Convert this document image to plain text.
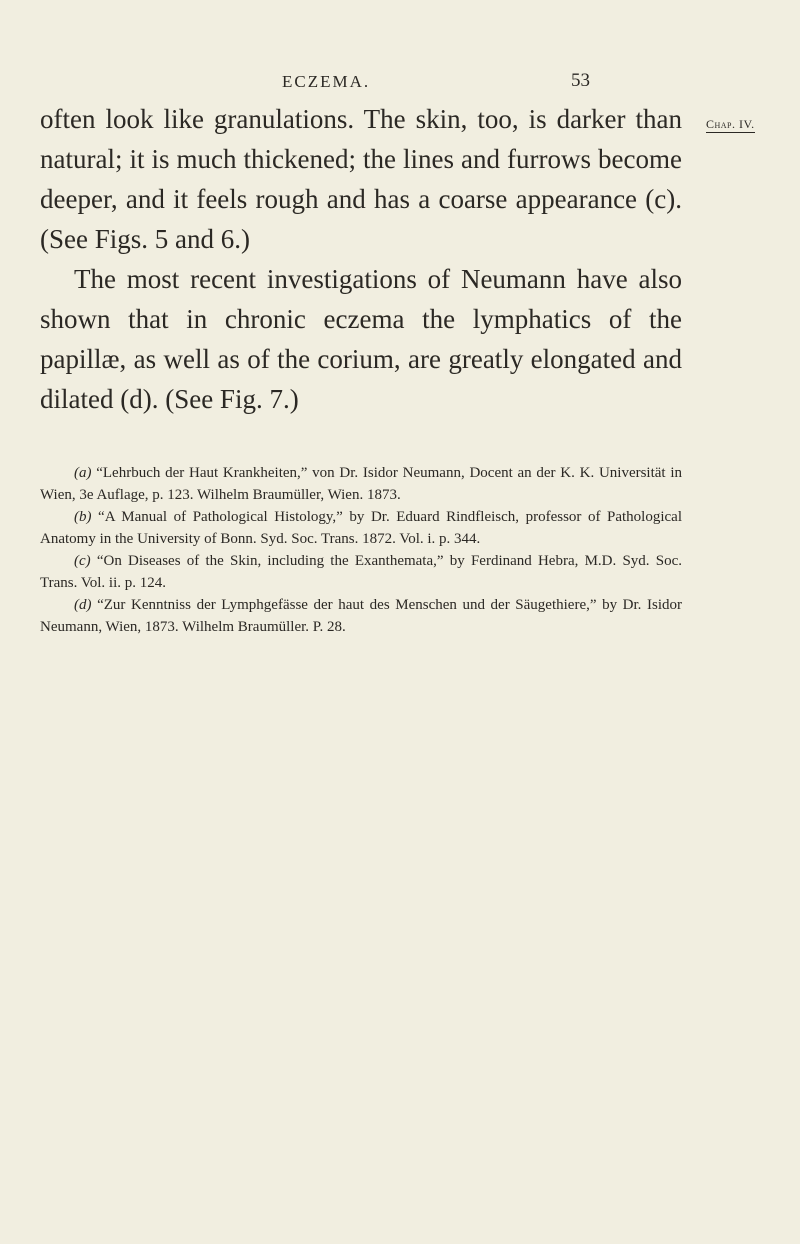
ECZEMA.	53
Chap. IV.

often look like granulations. The skin, too, is darker than natural; it is much thickened; the lines and furrows become deeper, and it feels rough and has a coarse appearance (c). (See Figs. 5 and 6.)

The most recent investigations of Neumann have also shown that in chronic eczema the lymphatics of the papillæ, as well as of the corium, are greatly elongated and dilated (d). (See Fig. 7.)

(a) “Lehrbuch der Haut Krankheiten,” von Dr. Isidor Neumann, Docent an der K. K. Universität in Wien, 3e Auflage, p. 123. Wilhelm Braumüller, Wien. 1873.

(b) “A Manual of Pathological Histology,” by Dr. Eduard Rindfleisch, professor of Pathological Anatomy in the University of Bonn. Syd. Soc. Trans. 1872. Vol. i. p. 344.

(c) “On Diseases of the Skin, including the Exanthemata,” by Ferdinand Hebra, M.D. Syd. Soc. Trans. Vol. ii. p. 124.

(d) “Zur Kenntniss der Lymphgefässe der haut des Menschen und der Säugethiere,” by Dr. Isidor Neumann, Wien, 1873. Wilhelm Braumüller. P. 28.
